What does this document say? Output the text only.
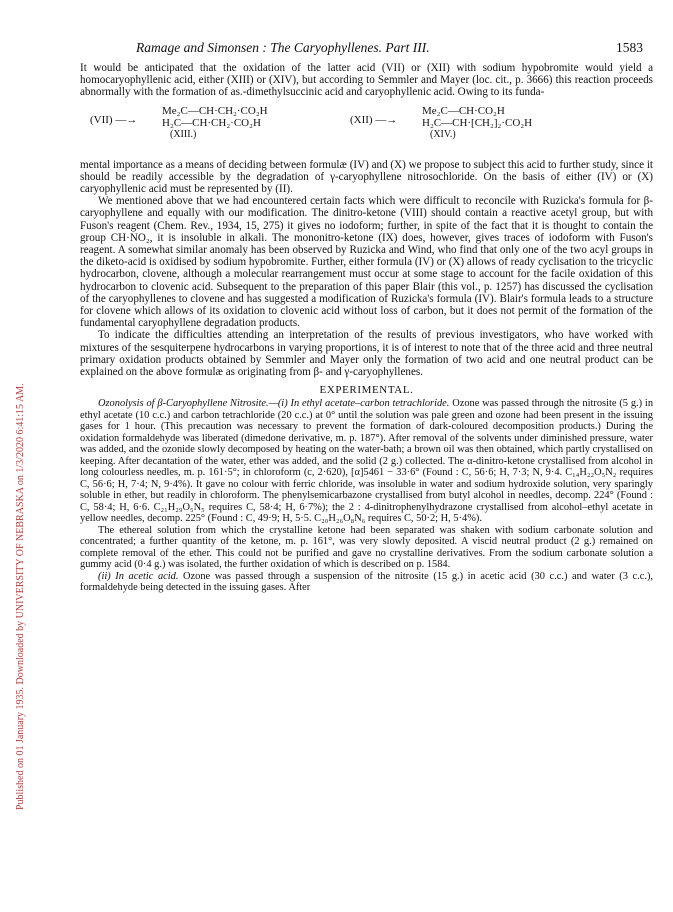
Published on 01 January 1935. Downloaded by UNIVERSITY OF NEBRASKA on 1/3/2020 6:41:15 AM.
Ramage and Simonsen : The Caryophyllenes. Part III.	1583

It would be anticipated that the oxidation of the latter acid (VII) or (XII) with sodium hypobromite would yield a homocaryophyllenic acid, either (XIII) or (XIV), but according to Semmler and Mayer (loc. cit., p. 3666) this reaction proceeds abnormally with the formation of as.-dimethylsuccinic acid and caryophyllenic acid. Owing to its funda-

(VII) —→
Me₂C—CH·CH₂·CO₂H
H₂C—CH·CH₂·CO₂H
(XIII.)
(XII) —→
Me₂C—CH·CO₂H
H₂C—CH·[CH₂]₂·CO₂H
(XIV.)

mental importance as a means of deciding between formulæ (IV) and (X) we propose to subject this acid to further study, since it should be readily accessible by the degradation of γ-caryophyllene nitrosochloride. On the basis of either (IV) or (X) caryophyllenic acid must be represented by (II).

We mentioned above that we had encountered certain facts which were difficult to reconcile with Ruzicka's formula for β-caryophyllene and equally with our modification. The dinitro-ketone (VIII) should contain a reactive acetyl group, but with Fuson's reagent (Chem. Rev., 1934, 15, 275) it gives no iodoform; further, in spite of the fact that it is thought to contain the group CH·NO₂, it is insoluble in alkali. The mononitro-ketone (IX) does, however, gives traces of iodoform with Fuson's reagent. A somewhat similar anomaly has been observed by Ruzicka and Wind, who find that only one of the two acyl groups in the diketo-acid is oxidised by sodium hypobromite. Further, either formula (IV) or (X) allows of ready cyclisation to the tricyclic hydrocarbon, clovene, although a molecular rearrangement must occur at some stage to account for the facile oxidation of this hydrocarbon to clovenic acid. Subsequent to the preparation of this paper Blair (this vol., p. 1257) has discussed the cyclisation of the caryophyllenes to clovene and has suggested a modification of Ruzicka's formula (IV). Blair's formula leads to a structure for clovene which allows of its oxidation to clovenic acid without loss of carbon, but it does not permit of the formation of the fundamental caryophyllene degradation products.

To indicate the difficulties attending an interpretation of the results of previous investigators, who have worked with mixtures of the sesquiterpene hydrocarbons in varying proportions, it is of interest to note that of the three acid and three neutral primary oxidation products obtained by Semmler and Mayer only the formation of two acid and one neutral product can be explained on the above formulæ as originating from β- and γ-caryophyllenes.

EXPERIMENTAL.

Ozonolysis of β-Caryophyllene Nitrosite.—(i) In ethyl acetate–carbon tetrachloride. Ozone was passed through the nitrosite (5 g.) in ethyl acetate (10 c.c.) and carbon tetrachloride (20 c.c.) at 0° until the solution was pale green and ozone had been present in the issuing gases for 1 hour. (This precaution was necessary to prevent the formation of dark-coloured decomposition products.) During the oxidation formaldehyde was liberated (dimedone derivative, m. p. 187°). After removal of the solvents under diminished pressure, water was added, and the ozonide slowly decomposed by heating on the water-bath; a brown oil was then obtained, which partly crystallised on keeping. After decantation of the water, ether was added, and the solid (2 g.) collected. The α-dinitro-ketone crystallised from alcohol in long colourless needles, m. p. 161·5°; in chloroform (c, 2·620), [α]5461 − 33·6° (Found : C, 56·6; H, 7·3; N, 9·4. C₁₄H₂₂O₅N₂ requires C, 56·6; H, 7·4; N, 9·4%). It gave no colour with ferric chloride, was insoluble in water and sodium hydroxide solution, very sparingly soluble in ether, but readily in chloroform. The phenylsemicarbazone crystallised from butyl alcohol in needles, decomp. 224° (Found : C, 58·4; H, 6·6. C₂₁H₂₉O₅N₅ requires C, 58·4; H, 6·7%); the 2 : 4-dinitrophenylhydrazone crystallised from alcohol–ethyl acetate in yellow needles, decomp. 225° (Found : C, 49·9; H, 5·5. C₂₀H₂₆O₈N₆ requires C, 50·2; H, 5·4%).

The ethereal solution from which the crystalline ketone had been separated was shaken with sodium carbonate solution and concentrated; a further quantity of the ketone, m. p. 161°, was very slowly deposited. A viscid neutral product (2 g.) remained on complete removal of the ether. This could not be purified and gave no crystalline derivatives. From the sodium carbonate solution a gummy acid (0·4 g.) was isolated, the further oxidation of which is described on p. 1584.

(ii) In acetic acid. Ozone was passed through a suspension of the nitrosite (15 g.) in acetic acid (30 c.c.) and water (3 c.c.), formaldehyde being detected in the issuing gases. After
